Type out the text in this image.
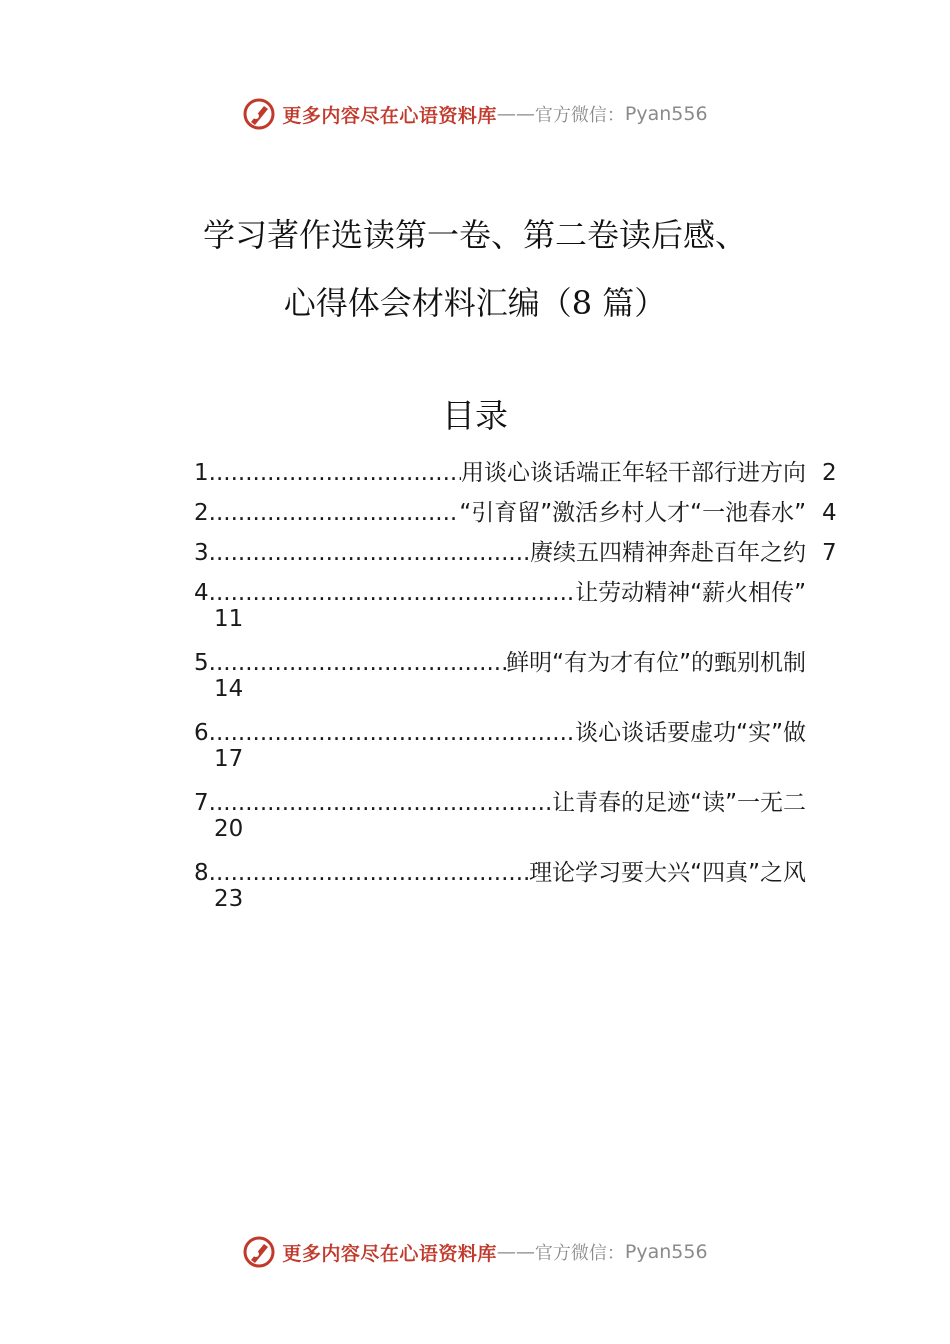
更多内容尽在心语资料库 —— 官方微信： Pyan556
学习著作选读第一卷、第二卷读后感、
心得体会材料汇编（8 篇）
目录
1 .....	用谈心谈话端正年轻干部行进方向 2
2 .....	“引育留”激活乡村人才“一池春水” 4
3 .....	赓续五四精神奔赴百年之约 7
4 .....	让劳动精神“薪火相传”
11
5 .....	鲜明“有为才有位”的甄别机制
14
6 .....	谈心谈话要虚功“实”做
17
7 .....	让青春的足迹“读”一无二
20
8 .....	理论学习要大兴“四真”之风
23
更多内容尽在心语资料库 —— 官方微信： Pyan556
